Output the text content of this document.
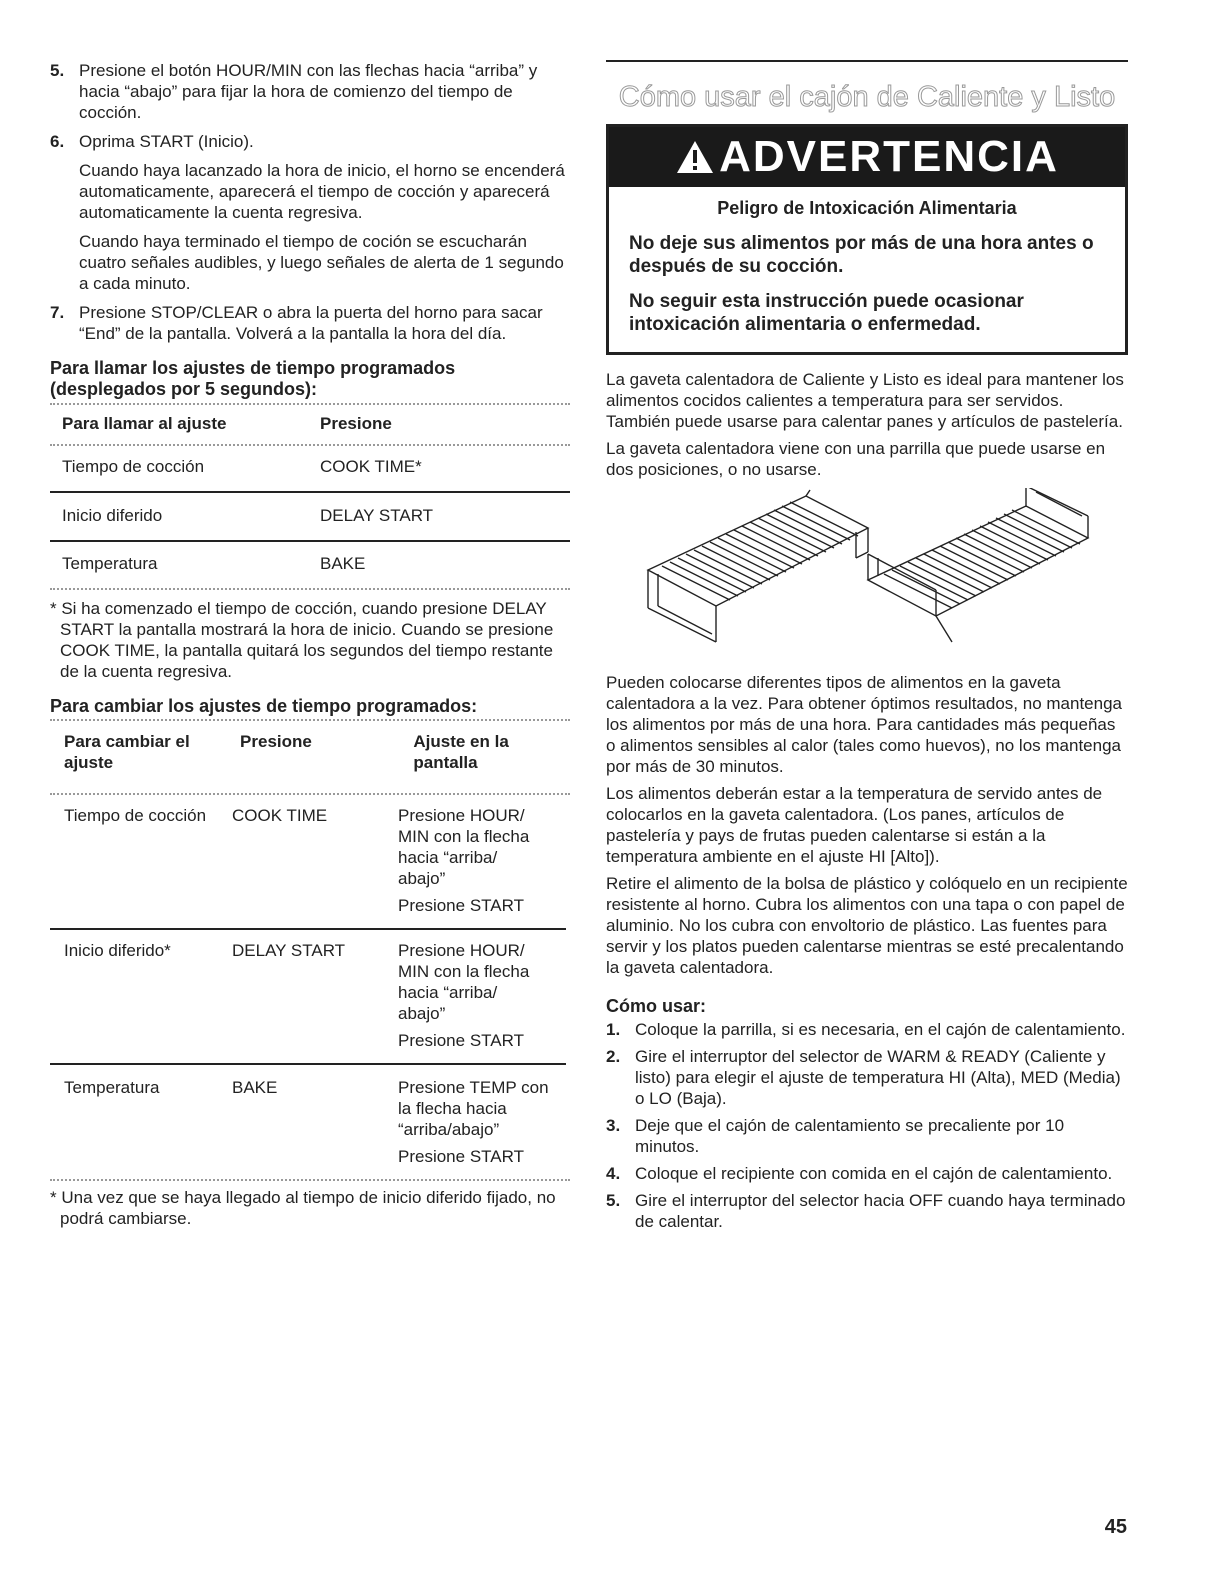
5. Presione el botón HOUR/MIN con las flechas hacia “arriba” y hacia “abajo” para fijar la hora de comienzo del tiempo de cocción.

6. Oprima START (Inicio).

Cuando haya lacanzado la hora de inicio, el horno se encenderá automaticamente, aparecerá el tiempo de cocción y aparecerá automaticamente la cuenta regresiva.

Cuando haya terminado el tiempo de coción se escucharán cuatro señales audibles, y luego señales de alerta de 1 segundo a cada minuto.

7. Presione STOP/CLEAR o abra la puerta del horno para sacar “End” de la pantalla. Volverá a la pantalla la hora del día.

Para llamar los ajustes de tiempo programados (desplegados por 5 segundos):

Para llamar al ajuste	Presione
Tiempo de cocción	COOK TIME*
Inicio diferido	DELAY START
Temperatura	BAKE

* Si ha comenzado el tiempo de cocción, cuando presione DELAY START la pantalla mostrará la hora de inicio. Cuando se presione COOK TIME, la pantalla quitará los segundos del tiempo restante de la cuenta regresiva.

Para cambiar los ajustes de tiempo programados:

Para cambiar el ajuste	Presione	Ajuste en la pantalla
Tiempo de cocción	COOK TIME	Presione HOUR/ MIN con la flecha hacia “arriba/ abajo”
Presione START
Inicio diferido*	DELAY START	Presione HOUR/ MIN con la flecha hacia “arriba/ abajo”
Presione START
Temperatura	BAKE	Presione TEMP con la flecha hacia “arriba/abajo”
Presione START

* Una vez que se haya llegado al tiempo de inicio diferido fijado, no podrá cambiarse.

Cómo usar el cajón de Caliente y Listo

ADVERTENCIA

Peligro de Intoxicación Alimentaria

No deje sus alimentos por más de una hora antes o después de su cocción.

No seguir esta instrucción puede ocasionar intoxicación alimentaria o enfermedad.

La gaveta calentadora de Caliente y Listo es ideal para mantener los alimentos cocidos calientes a temperatura para ser servidos. También puede usarse para calentar panes y artículos de pastelería.

La gaveta calentadora viene con una parrilla que puede usarse en dos posiciones, o no usarse.

Pueden colocarse diferentes tipos de alimentos en la gaveta calentadora a la vez. Para obtener óptimos resultados, no mantenga los alimentos por más de una hora. Para cantidades más pequeñas o alimentos sensibles al calor (tales como huevos), no los mantenga por más de 30 minutos.

Los alimentos deberán estar a la temperatura de servido antes de colocarlos en la gaveta calentadora. (Los panes, artículos de pastelería y pays de frutas pueden calentarse si están a la temperatura ambiente en el ajuste HI [Alto]).

Retire el alimento de la bolsa de plástico y colóquelo en un recipiente resistente al horno. Cubra los alimentos con una tapa o con papel de aluminio. No los cubra con envoltorio de plástico. Las fuentes para servir y los platos pueden calentarse mientras se esté precalentando la gaveta calentadora.

Cómo usar:

1. Coloque la parrilla, si es necesaria, en el cajón de calentamiento.
2. Gire el interruptor del selector de WARM & READY (Caliente y listo) para elegir el ajuste de temperatura HI (Alta), MED (Media) o LO (Baja).
3. Deje que el cajón de calentamiento se precaliente por 10 minutos.
4. Coloque el recipiente con comida en el cajón de calentamiento.
5. Gire el interruptor del selector hacia OFF cuando haya terminado de calentar.
45
